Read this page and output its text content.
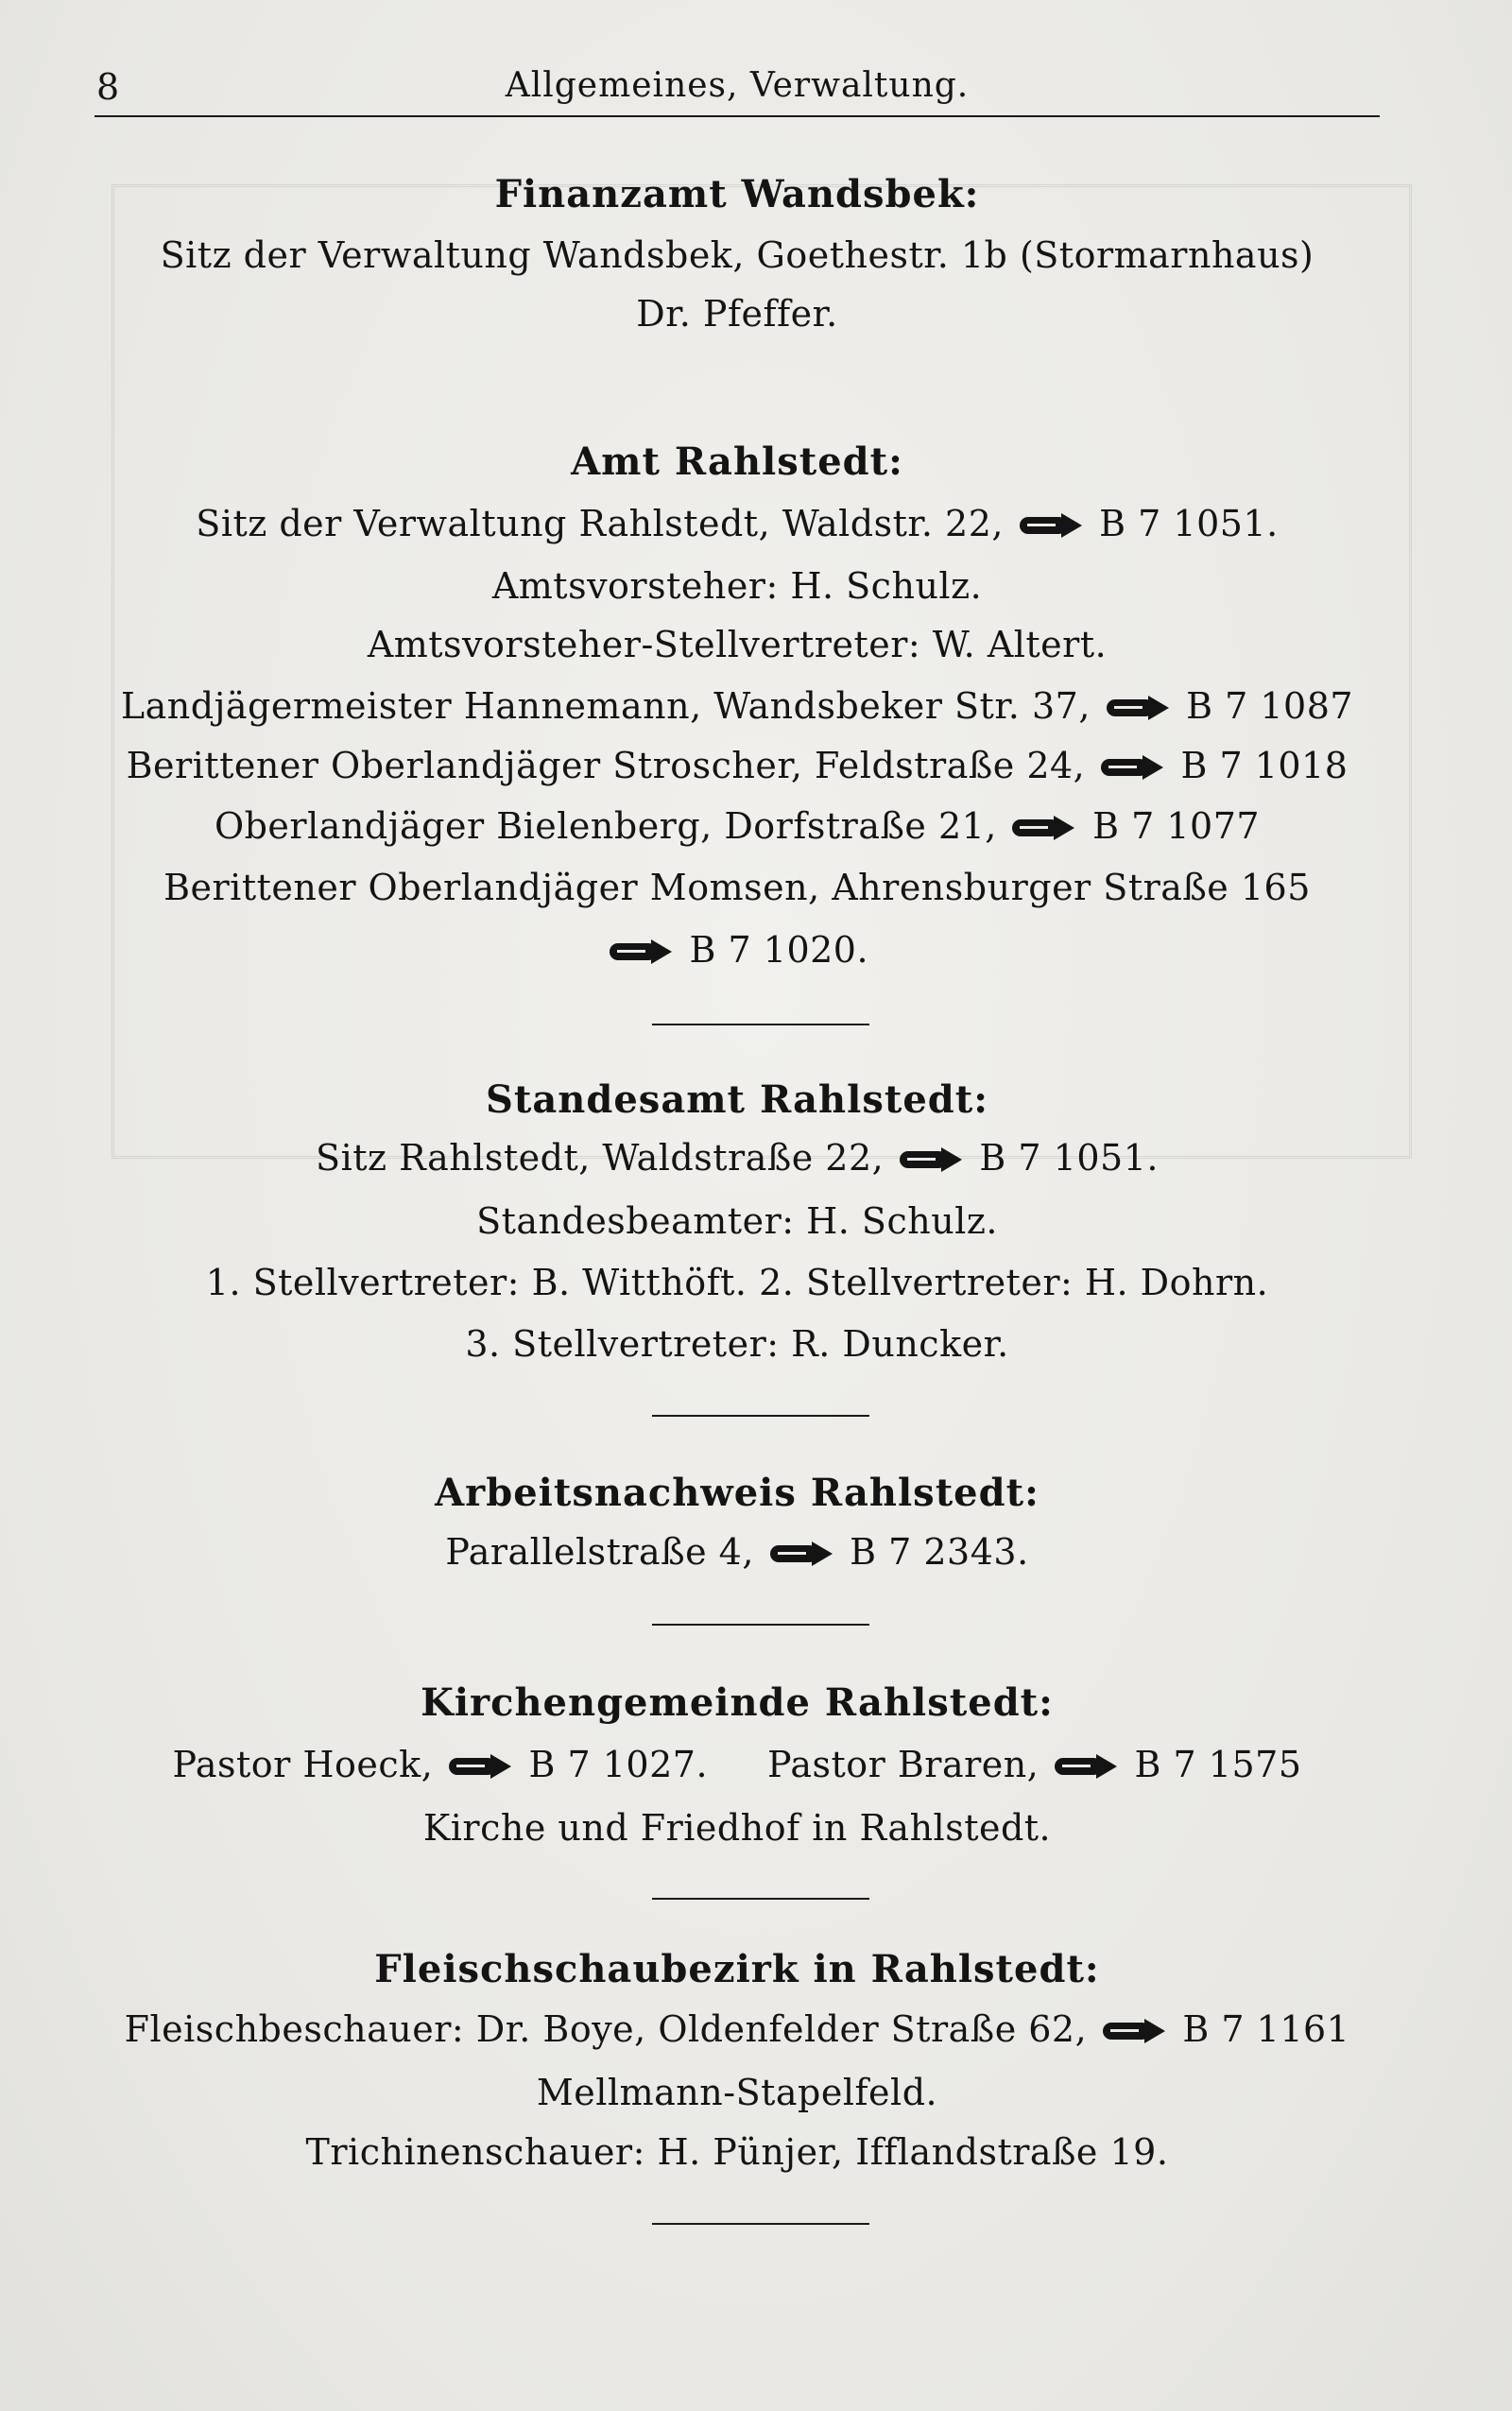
8	Allgemeines, Verwaltung.
Finanzamt Wandsbek:
Sitz der Verwaltung Wandsbek, Goethestr. 1b (Stormarnhaus)
Dr. Pfeffer.
Amt Rahlstedt:
Sitz der Verwaltung Rahlstedt, Waldstr. 22,	B 7 1051.
Amtsvorsteher: H. Schulz.
Amtsvorsteher-Stellvertreter: W. Altert.
Landjägermeister Hannemann, Wandsbeker Str. 37,	B 7 1087
Berittener Oberlandjäger Stroscher, Feldstraße 24,	B 7 1018
Oberlandjäger Bielenberg, Dorfstraße 21,	B 7 1077
Berittener Oberlandjäger Momsen, Ahrensburger Straße 165
B 7 1020.
Standesamt Rahlstedt:
Sitz Rahlstedt, Waldstraße 22,	B 7 1051.
Standesbeamter: H. Schulz.
1. Stellvertreter: B. Witthöft. 2. Stellvertreter: H. Dohrn.
3. Stellvertreter: R. Duncker.
Arbeitsnachweis Rahlstedt:
Parallelstraße 4,	B 7 2343.
Kirchengemeinde Rahlstedt:
Pastor Hoeck,	B 7 1027. Pastor Braren,	B 7 1575
Kirche und Friedhof in Rahlstedt.
Fleischschaubezirk in Rahlstedt:
Fleischbeschauer: Dr. Boye, Oldenfelder Straße 62,	B 7 1161
Mellmann-Stapelfeld.
Trichinenschauer: H. Pünjer, Ifflandstraße 19.
